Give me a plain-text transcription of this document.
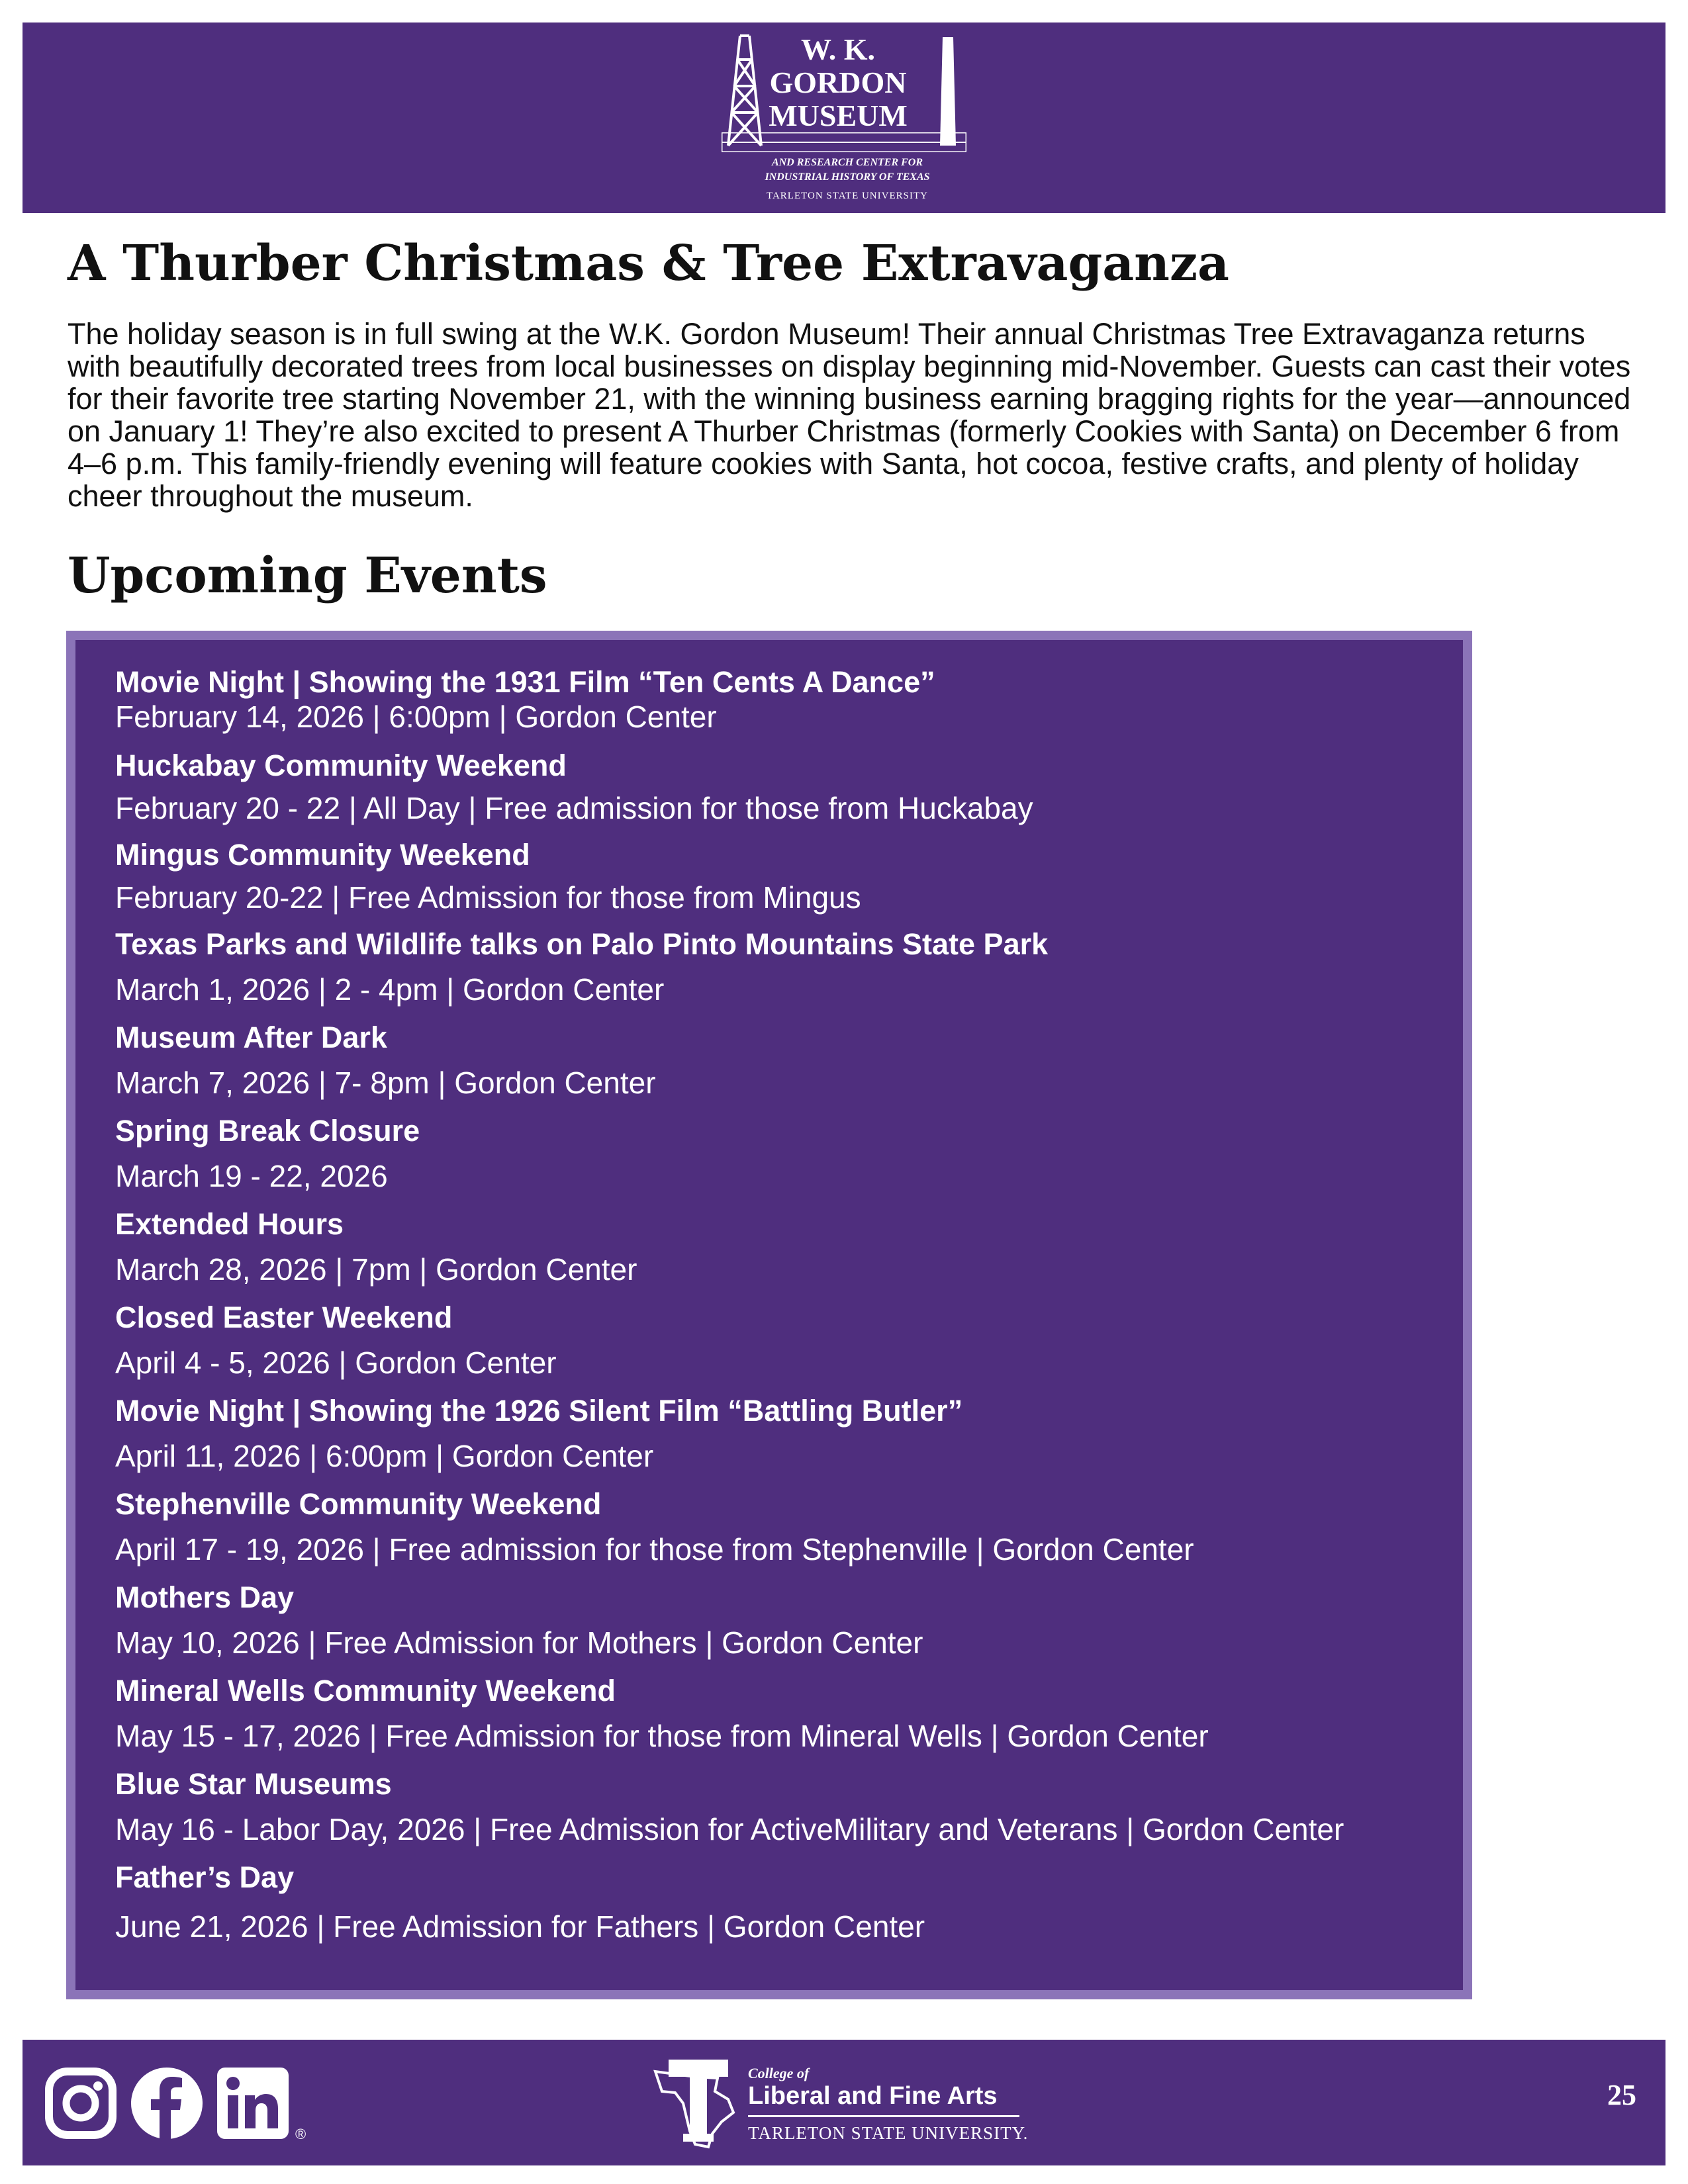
W. K.
GORDON
MUSEUM
AND RESEARCH CENTER FOR
INDUSTRIAL HISTORY OF TEXAS
TARLETON STATE UNIVERSITY
A Thurber Christmas & Tree Extravaganza

The holiday season is in full swing at the W.K. Gordon Museum! Their annual Christmas Tree Extravaganza returns with beautifully decorated trees from local businesses on display beginning mid-November. Guests can cast their votes for their favorite tree starting November 21, with the winning business earning bragging rights for the year—announced on January 1! They’re also excited to present A Thurber Christmas (formerly Cookies with Santa) on December 6 from 4–6 p.m. This family-friendly evening will feature cookies with Santa, hot cocoa, festive crafts, and plenty of holiday cheer throughout the museum.

Upcoming Events
Movie Night | Showing the 1931 Film “Ten Cents A Dance”
February 14, 2026 | 6:00pm | Gordon Center
Huckabay Community Weekend
February 20 - 22 | All Day | Free admission for those from Huckabay
Mingus Community Weekend
February 20-22 | Free Admission for those from Mingus
Texas Parks and Wildlife talks on Palo Pinto Mountains State Park
March 1, 2026 | 2 - 4pm | Gordon Center
Museum After Dark
March 7, 2026 | 7- 8pm | Gordon Center
Spring Break Closure
March 19 - 22, 2026
Extended Hours
March 28, 2026 | 7pm | Gordon Center
Closed Easter Weekend
April 4 - 5, 2026 | Gordon Center
Movie Night | Showing the 1926 Silent Film “Battling Butler”
April 11, 2026 | 6:00pm | Gordon Center
Stephenville Community Weekend
April 17 - 19, 2026 | Free admission for those from Stephenville | Gordon Center
Mothers Day
May 10, 2026 | Free Admission for Mothers | Gordon Center
Mineral Wells Community Weekend
May 15 - 17, 2026 | Free Admission for those from Mineral Wells | Gordon Center
Blue Star Museums
May 16 - Labor Day, 2026 | Free Admission for ActiveMilitary and Veterans | Gordon Center
Father’s Day
June 21, 2026 | Free Admission for Fathers | Gordon Center
®
College of
Liberal and Fine Arts
TARLETON STATE UNIVERSITY.
25
